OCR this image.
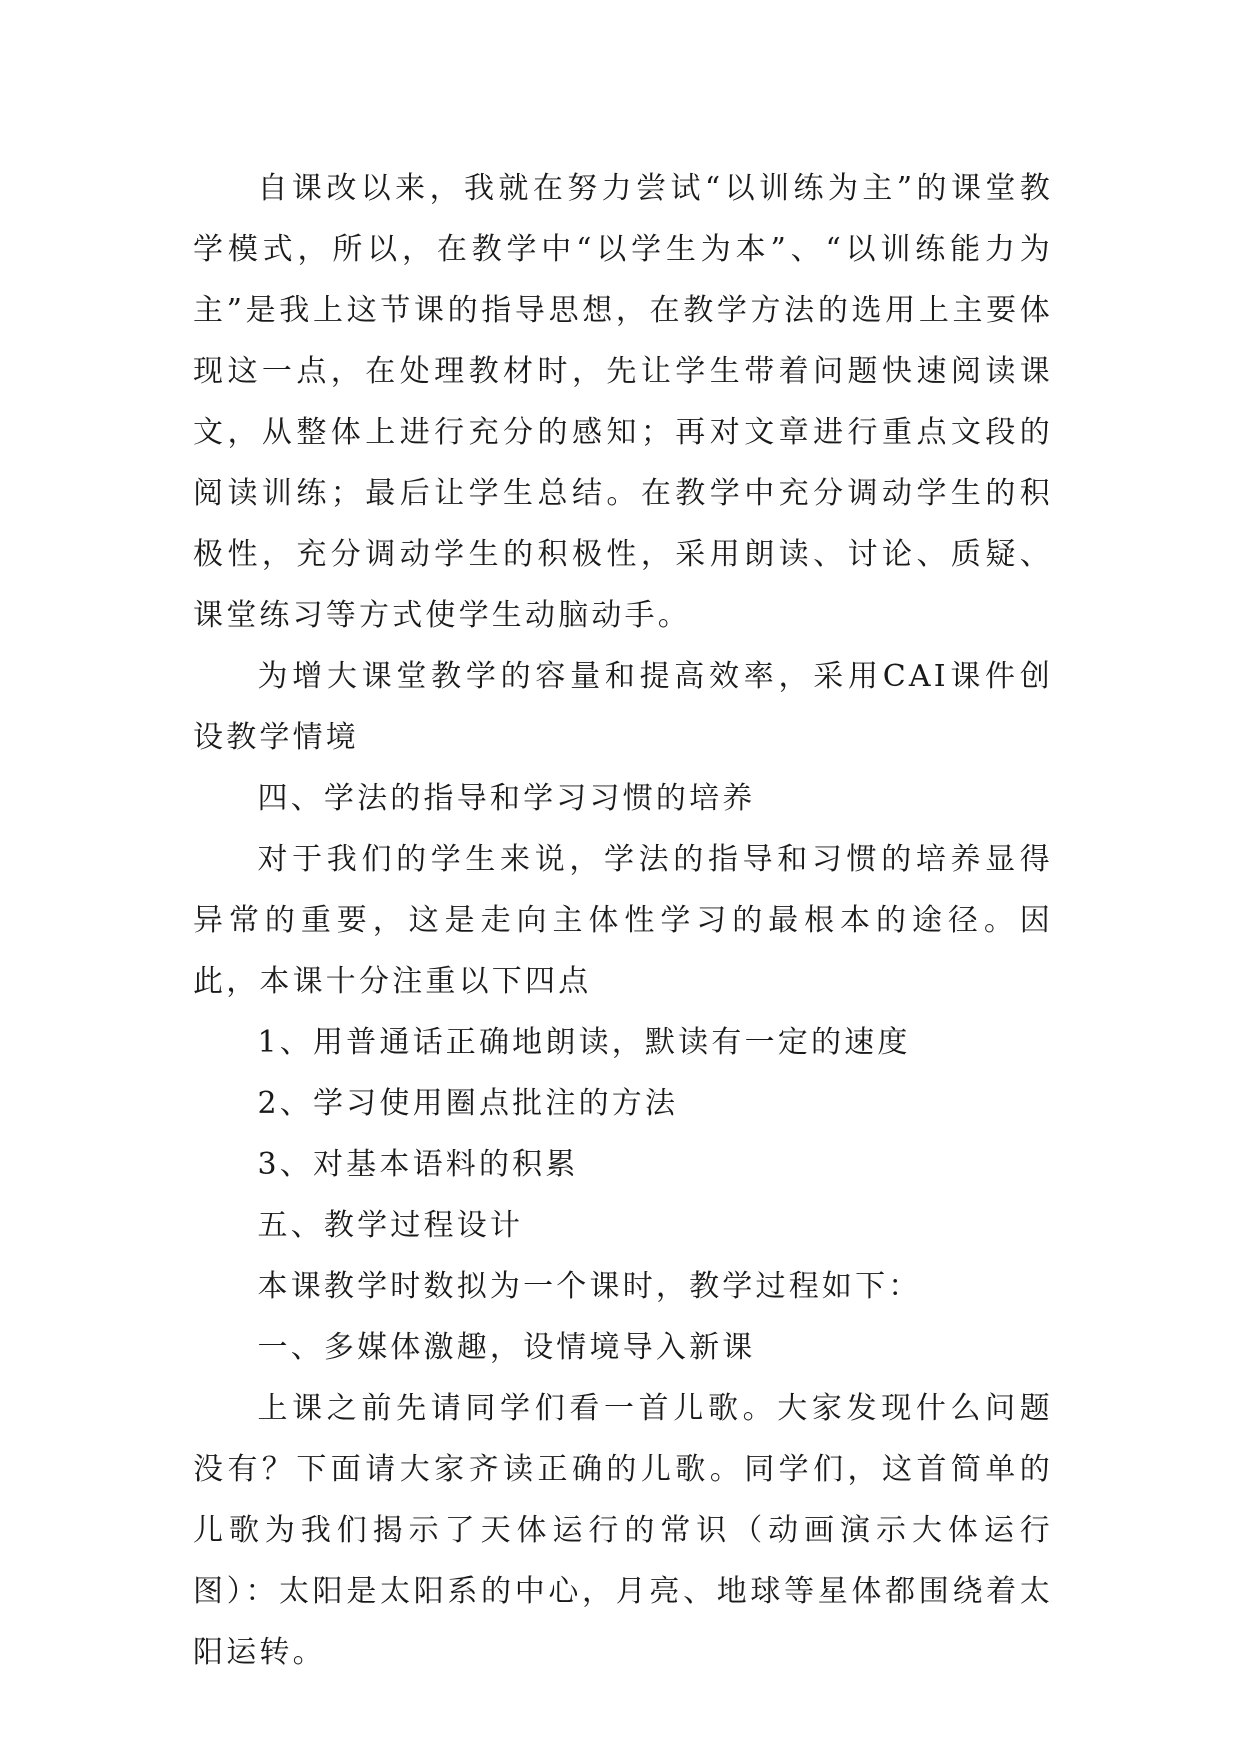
自课改以来，我就在努力尝试“以训练为主”的课堂教学模式，所以，在教学中“以学生为本”、“以训练能力为主”是我上这节课的指导思想，在教学方法的选用上主要体现这一点，在处理教材时，先让学生带着问题快速阅读课文，从整体上进行充分的感知；再对文章进行重点文段的阅读训练；最后让学生总结。在教学中充分调动学生的积极性，充分调动学生的积极性，采用朗读、讨论、质疑、课堂练习等方式使学生动脑动手。

为增大课堂教学的容量和提高效率，采用CAI课件创设教学情境

四、学法的指导和学习习惯的培养

对于我们的学生来说，学法的指导和习惯的培养显得异常的重要，这是走向主体性学习的最根本的途径。因此，本课十分注重以下四点

1、用普通话正确地朗读，默读有一定的速度

2、学习使用圈点批注的方法

3、对基本语料的积累

五、教学过程设计

本课教学时数拟为一个课时，教学过程如下：

一、多媒体激趣，设情境导入新课

上课之前先请同学们看一首儿歌。大家发现什么问题没有？下面请大家齐读正确的儿歌。同学们，这首简单的儿歌为我们揭示了天体运行的常识（动画演示大体运行图）：太阳是太阳系的中心，月亮、地球等星体都围绕着太阳运转。
